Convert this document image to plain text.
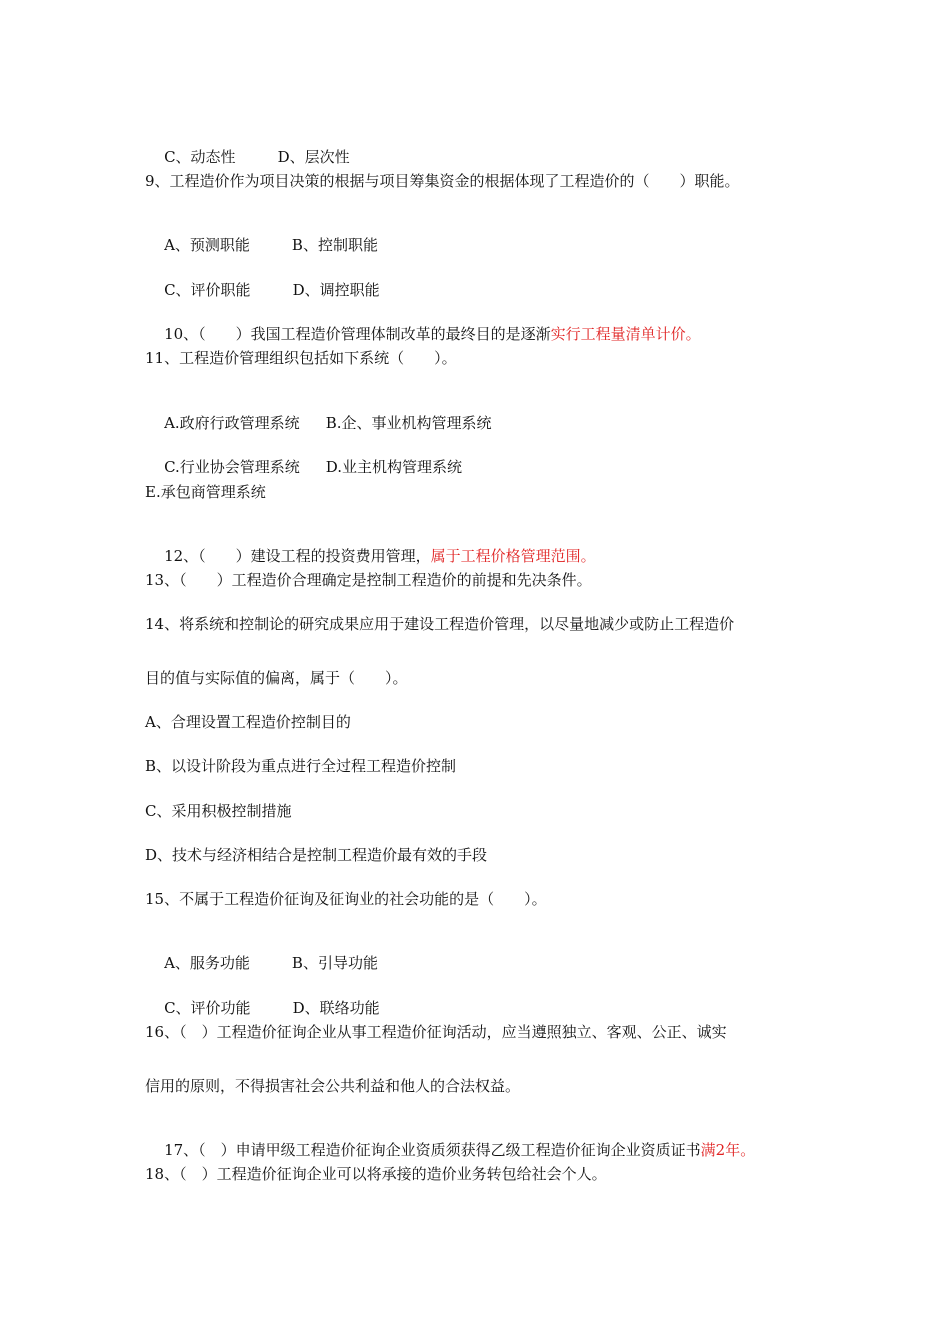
C、动态性	D、层次性

9、工程造价作为项目决策的根据与项目筹集资金的根据体现了工程造价的（　　）职能。

A、预测职能	B、控制职能

C、评价职能	D、调控职能

10、（　　）我国工程造价管理体制改革的最终目的是逐渐实行工程量清单计价。

11、工程造价管理组织包括如下系统（　　）。

A.政府行政管理系统 B.企、事业机构管理系统

C.行业协会管理系统 D.业主机构管理系统

E.承包商管理系统

12、（　　）建设工程的投资费用管理，属于工程价格管理范围。

13、（　　）工程造价合理确定是控制工程造价的前提和先决条件。
14、将系统和控制论的研究成果应用于建设工程造价管理，以尽量地减少或防止工程造价
目的值与实际值的偏离，属于（　　）。
A、合理设置工程造价控制目的
B、以设计阶段为重点进行全过程工程造价控制
C、采用积极控制措施
D、技术与经济相结合是控制工程造价最有效的手段
15、不属于工程造价征询及征询业的社会功能的是（　　）。

A、服务功能	B、引导功能

C、评价功能	D、联络功能

16、（　）工程造价征询企业从事工程造价征询活动，应当遵照独立、客观、公正、诚实
信用的原则，不得损害社会公共利益和他人的合法权益。

17、（　）申请甲级工程造价征询企业资质须获得乙级工程造价征询企业资质证书满2年。

18、（　）工程造价征询企业可以将承接的造价业务转包给社会个人。
